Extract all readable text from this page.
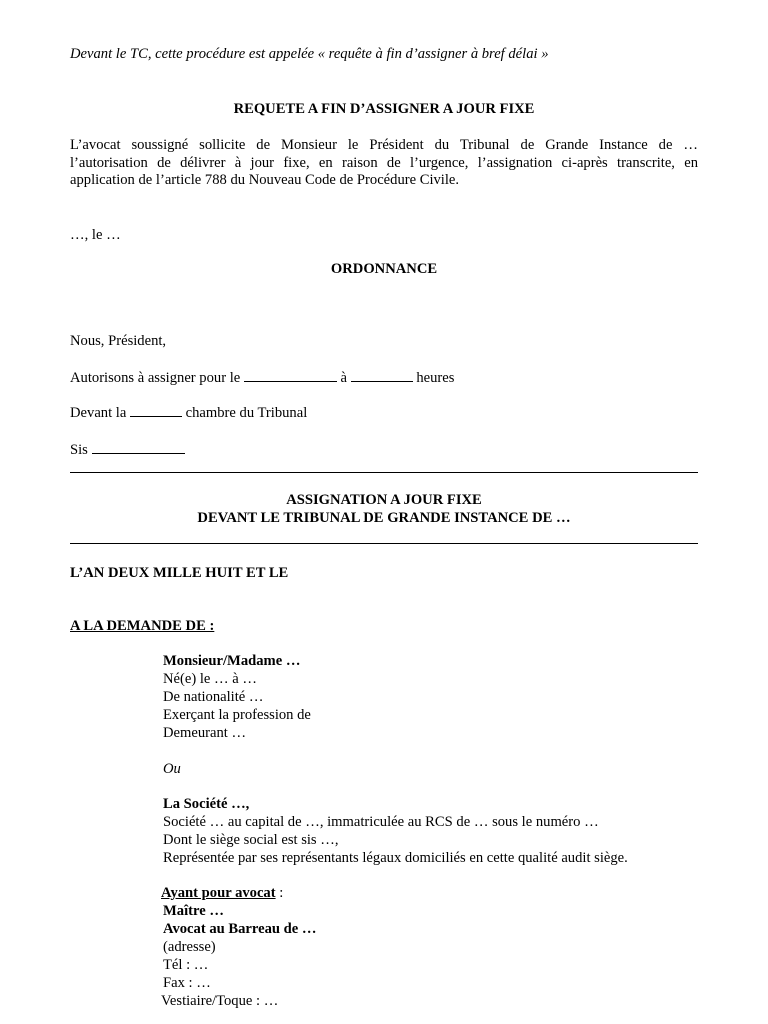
Devant le TC, cette procédure est appelée « requête à fin d’assigner à bref délai »
REQUETE A FIN D’ASSIGNER A JOUR FIXE

L’avocat soussigné sollicite de Monsieur le Président du Tribunal de Grande Instance de …

l’autorisation de délivrer à jour fixe, en raison de l’urgence, l’assignation ci-après transcrite, en

application de l’article 788 du Nouveau Code de Procédure Civile.

…, le …
ORDONNANCE
Nous, Président,
Autorisons à assigner pour le	à	heures
Devant la	chambre du Tribunal
Sis
ASSIGNATION A JOUR FIXE
DEVANT LE TRIBUNAL DE GRANDE INSTANCE DE …
L’AN DEUX MILLE HUIT ET LE
A LA DEMANDE DE :
Monsieur/Madame …
Né(e) le … à …
De nationalité …
Exerçant la profession de
Demeurant …
Ou
La Société …,
Société … au capital de …, immatriculée au RCS de … sous le numéro …
Dont le siège social est sis …,
Représentée par ses représentants légaux domiciliés en cette qualité audit siège.
Ayant pour avocat :
Maître …
Avocat au Barreau de …
(adresse)
Tél : …
Fax : …
Vestiaire/Toque : …
